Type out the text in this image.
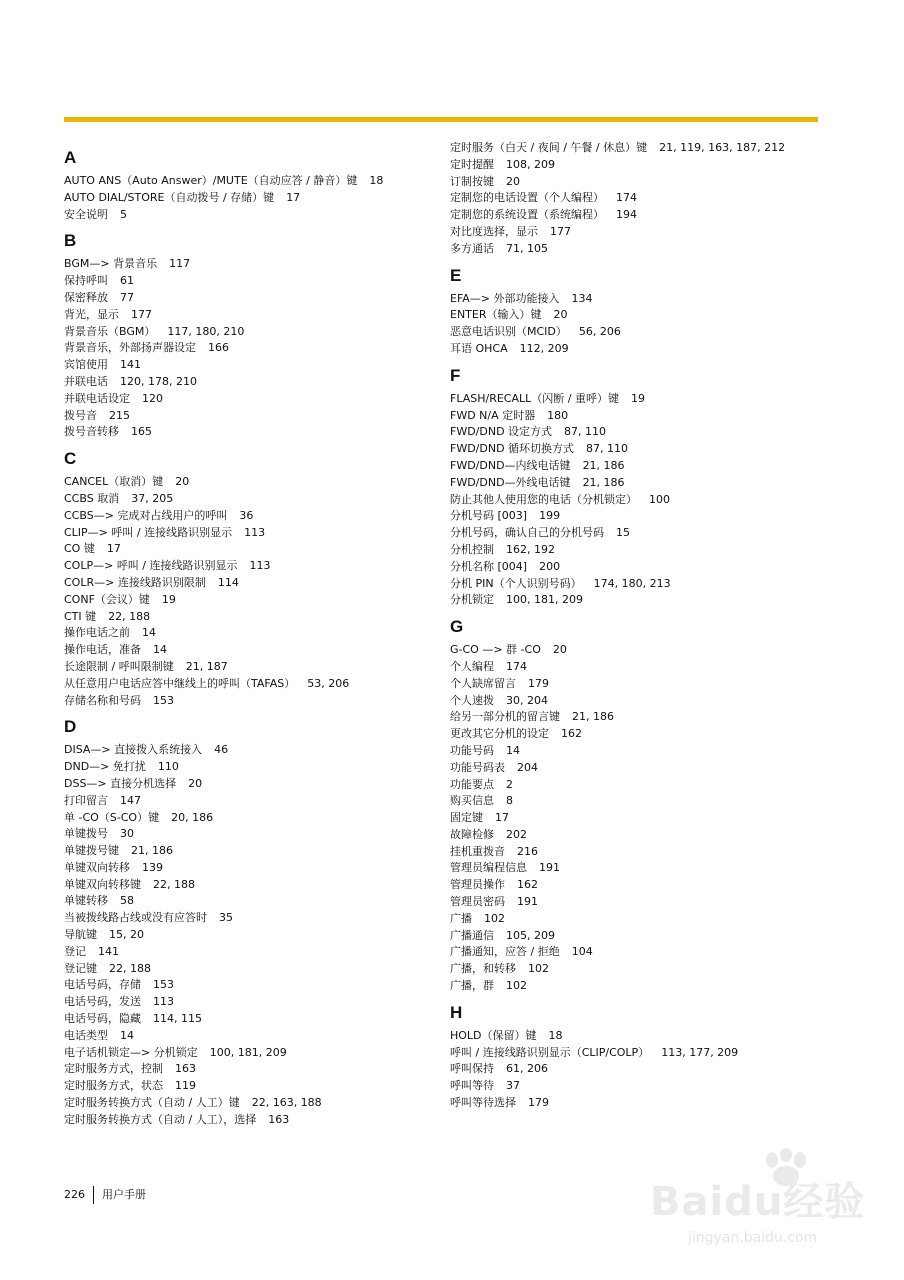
A
AUTO ANS（Auto Answer）/MUTE（自动应答 / 静音）键 18
AUTO DIAL/STORE（自动拨号 / 存储）键 17
安全说明 5
B
BGM—> 背景音乐 117
保持呼叫 61
保密释放 77
背光，显示 177
背景音乐（BGM） 117, 180, 210
背景音乐，外部扬声器设定 166
宾馆使用 141
并联电话 120, 178, 210
并联电话设定 120
拨号音 215
拨号音转移 165
C
CANCEL（取消）键 20
CCBS 取消 37, 205
CCBS—> 完成对占线用户的呼叫 36
CLIP—> 呼叫 / 连接线路识别显示 113
CO 键 17
COLP—> 呼叫 / 连接线路识别显示 113
COLR—> 连接线路识别限制 114
CONF（会议）键 19
CTI 键 22, 188
操作电话之前 14
操作电话，准备 14
长途限制 / 呼叫限制键 21, 187
从任意用户电话应答中继线上的呼叫（TAFAS） 53, 206
存储名称和号码 153
D
DISA—> 直接拨入系统接入 46
DND—> 免打扰 110
DSS—> 直接分机选择 20
打印留言 147
单 -CO（S-CO）键 20, 186
单键拨号 30
单键拨号键 21, 186
单键双向转移 139
单键双向转移键 22, 188
单键转移 58
当被拨线路占线或没有应答时 35
导航键 15, 20
登记 141
登记键 22, 188
电话号码，存储 153
电话号码，发送 113
电话号码，隐藏 114, 115
电话类型 14
电子话机锁定—> 分机锁定 100, 181, 209
定时服务方式，控制 163
定时服务方式，状态 119
定时服务转换方式（自动 / 人工）键 22, 163, 188
定时服务转换方式（自动 / 人工），选择 163
定时服务（白天 / 夜间 / 午餐 / 休息）键 21, 119, 163, 187, 212
定时提醒 108, 209
订制按键 20
定制您的电话设置（个人编程） 174
定制您的系统设置（系统编程） 194
对比度选择，显示 177
多方通话 71, 105
E
EFA—> 外部功能接入 134
ENTER（输入）键 20
恶意电话识别（MCID） 56, 206
耳语 OHCA 112, 209
F
FLASH/RECALL（闪断 / 重呼）键 19
FWD N/A 定时器 180
FWD/DND 设定方式 87, 110
FWD/DND 循环切换方式 87, 110
FWD/DND—内线电话键 21, 186
FWD/DND—外线电话键 21, 186
防止其他人使用您的电话（分机锁定） 100
分机号码 [003] 199
分机号码，确认自己的分机号码 15
分机控制 162, 192
分机名称 [004] 200
分机 PIN（个人识别号码） 174, 180, 213
分机锁定 100, 181, 209
G
G-CO —> 群 -CO 20
个人编程 174
个人缺席留言 179
个人速拨 30, 204
给另一部分机的留言键 21, 186
更改其它分机的设定 162
功能号码 14
功能号码表 204
功能要点 2
购买信息 8
固定键 17
故障检修 202
挂机重拨音 216
管理员编程信息 191
管理员操作 162
管理员密码 191
广播 102
广播通信 105, 209
广播通知，应答 / 拒绝 104
广播，和转移 102
广播，群 102
H
HOLD（保留）键 18
呼叫 / 连接线路识别显示（CLIP/COLP） 113, 177, 209
呼叫保持 61, 206
呼叫等待 37
呼叫等待选择 179
226 用户手册	Baidu经验
jingyan.baidu.com
